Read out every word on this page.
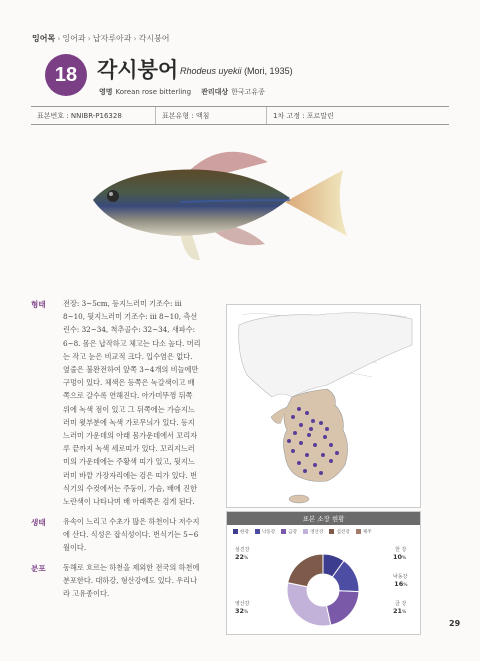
잉어목 › 잉어과 › 납자루아과 › 각시붕어
18 각시붕어 Rhodeus uyekii (Mori, 1935)
영명 Korean rose bitterling 관리대상 한국고유종
표본번호 : NNIBR-P16328	표본유형 : 액침	1차 고정 : 포르말린
형태 전장: 3~5cm, 등지느러미 기조수: iii
8~10, 뒷지느러미 기조수: iii 8~10, 측선
린수: 32~34, 척추골수: 32~34, 새파수:
6~8. 몸은 납작하고 체고는 다소 높다. 머리
는 작고 눈은 비교적 크다. 입수염은 없다.
옆줄은 불완전하여 앞쪽 3~4개의 비늘에만
구멍이 있다. 체색은 등쪽은 녹갈색이고 배
쪽으로 갈수록 연해진다. 아가미뚜껑 뒤쪽
위에 녹색 점이 있고 그 뒤쪽에는 가슴지느
러미 윗부분에 녹색 가로무늬가 있다. 등지
느러미 가운데의 아래 몸가운데에서 꼬리자
루 끝까지 녹색 세로띠가 있다. 꼬리지느러
미의 가운데에는 주황색 띠가 있고, 뒷지느
러미 바깥 가장자리에는 검은 띠가 있다. 번
식기의 수컷에서는 주둥이, 가슴, 배에 진한
노란색이 나타나며 배 아래쪽은 검게 된다.
생태 유속이 느리고 수초가 많은 하천이나 저수지
에 산다. 식성은 잡식성이다. 번식기는 5~6
월이다.
분포 동해로 흐르는 하천을 제외한 전국의 하천에
분포한다. 대하강, 형산강에도 있다. 우리나
라 고유종이다.
표본 소장 현황
한강	낙동강	금강	영산강	섬진강	제주
섬진강
22%
한 강
10%
낙동강
16%
금 강
21%
영산강
32%
29
